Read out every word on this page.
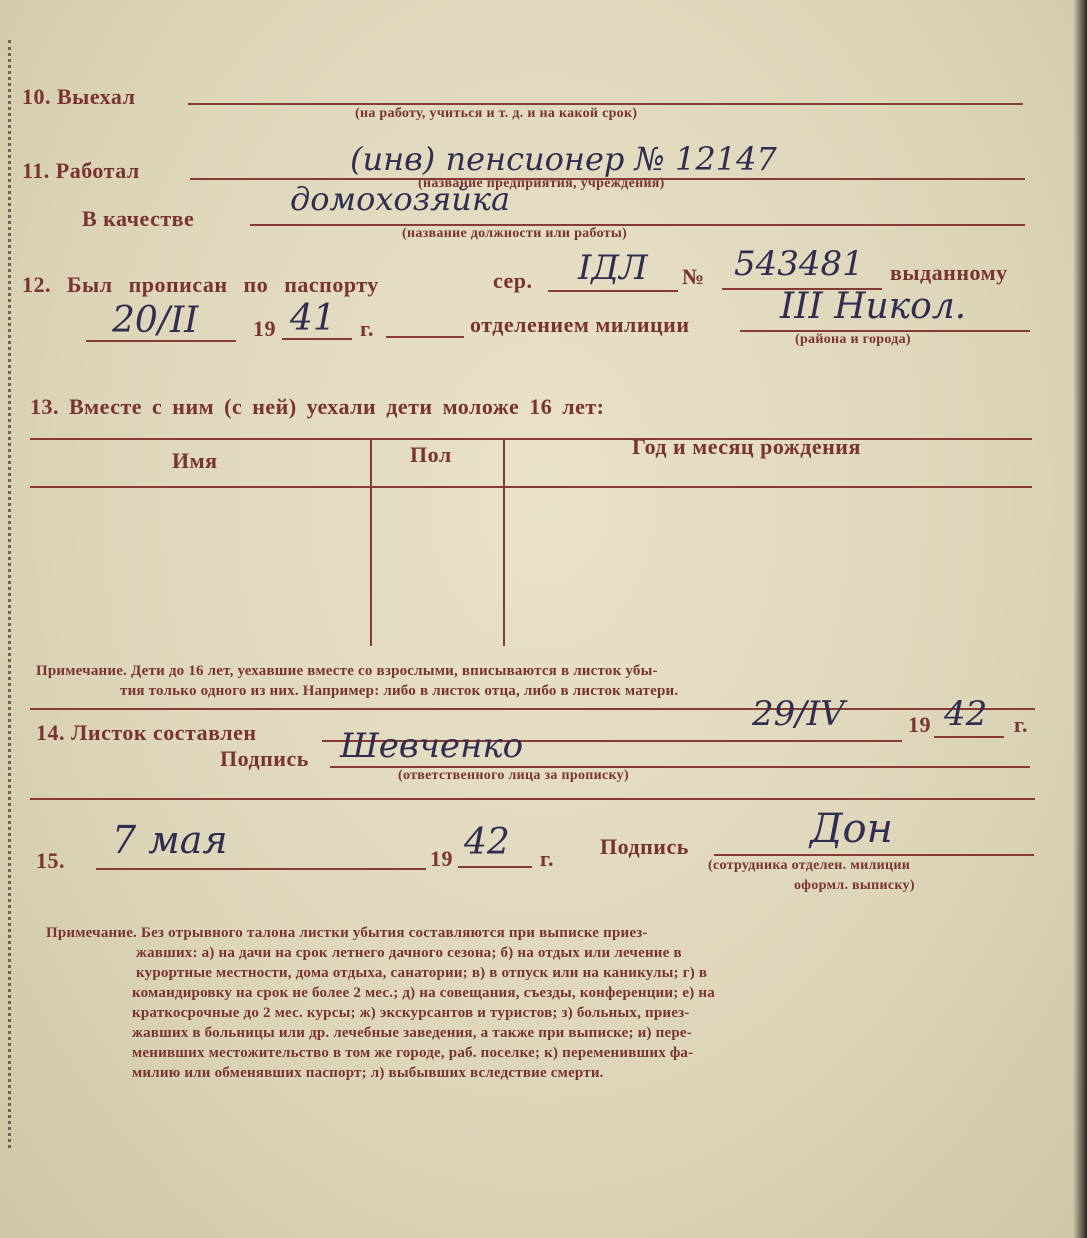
10. Выехал
(на работу, учиться и т. д. и на какой срок)
11. Работал	(инв) пенсионер № 12147
(название предприятия, учреждения)
В качестве
домохозяйка
(название должности или работы)
12. Был прописан по паспорту	сер. IДЛ № 543481 выданному
20/II 19 41 г.	отделением милиции	III Никол.
(района и города)
13. Вместе с ним (с ней) уехали дети моложе 16 лет:
Имя	Пол	Год и месяц рождения
Примечание. Дети до 16 лет, уехавшие вместе со взрослыми, вписываются в листок убы-
тия только одного из них. Например: либо в листок отца, либо в листок матери.
14. Листок составлен	29/IV	19 42 г.
Подпись Шевченко
(ответственного лица за прописку)
15. 7 мая	19 42 г. Подпись	Дон
(сотрудника отделен. милиции
оформл. выписку)
Примечание. Без отрывного талона листки убытия составляются при выписке приез-
жавших: а) на дачи на срок летнего дачного сезона; б) на отдых или лечение в
курортные местности, дома отдыха, санатории; в) в отпуск или на каникулы; г) в
командировку на срок не более 2 мес.; д) на совещания, съезды, конференции; е) на
краткосрочные до 2 мес. курсы; ж) экскурсантов и туристов; з) больных, приез-
жавших в больницы или др. лечебные заведения, а также при выписке; и) пере-
менивших местожительство в том же городе, раб. поселке; к) переменивших фа-
милию или обменявших паспорт; л) выбывших вследствие смерти.
